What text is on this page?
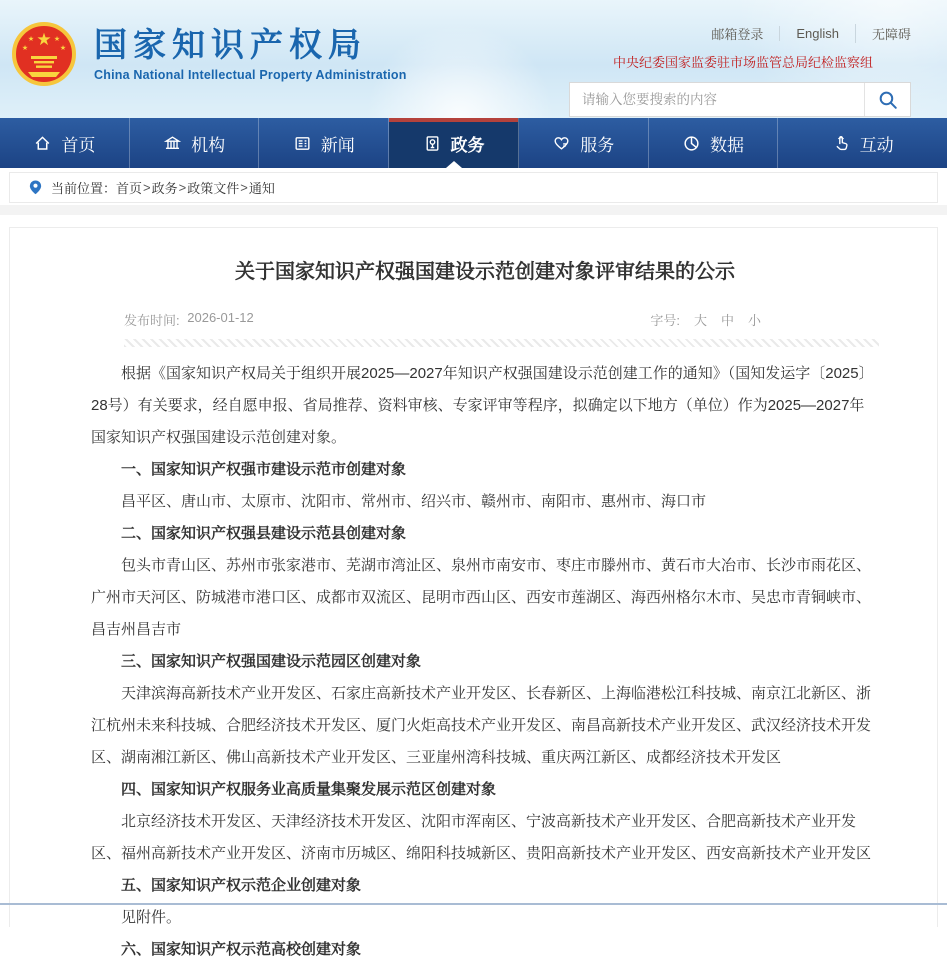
★
★	★
★	★ 国家知识产权局
China National Intellectual Property Administration
邮箱登录	English	无障碍
中央纪委国家监委驻市场监管总局纪检监察组
请输入您要搜索的内容
首页	机构	新闻	政务	服务	数据	互动
当前位置： 首页 > 政务 > 政策文件 > 通知
关于国家知识产权强国建设示范创建对象评审结果的公示
发布时间:
2026-01-12	字号: 大 中 小
根据《国家知识产权局关于组织开展2025—2027年知识产权强国建设示范创建工作的通知》（国知发运字〔2025〕28号）有关要求，经自愿申报、省局推荐、资料审核、专家评审等程序，拟确定以下地方（单位）作为2025—2027年国家知识产权强国建设示范创建对象。
一、国家知识产权强市建设示范市创建对象
昌平区、唐山市、太原市、沈阳市、常州市、绍兴市、赣州市、南阳市、惠州市、海口市
二、国家知识产权强县建设示范县创建对象
包头市青山区、苏州市张家港市、芜湖市湾沚区、泉州市南安市、枣庄市滕州市、黄石市大冶市、长沙市雨花区、广州市天河区、防城港市港口区、成都市双流区、昆明市西山区、西安市莲湖区、海西州格尔木市、吴忠市青铜峡市、昌吉州昌吉市
三、国家知识产权强国建设示范园区创建对象
天津滨海高新技术产业开发区、石家庄高新技术产业开发区、长春新区、上海临港松江科技城、南京江北新区、浙江杭州未来科技城、合肥经济技术开发区、厦门火炬高技术产业开发区、南昌高新技术产业开发区、武汉经济技术开发区、湖南湘江新区、佛山高新技术产业开发区、三亚崖州湾科技城、重庆两江新区、成都经济技术开发区
四、国家知识产权服务业高质量集聚发展示范区创建对象
北京经济技术开发区、天津经济技术开发区、沈阳市浑南区、宁波高新技术产业开发区、合肥高新技术产业开发区、福州高新技术产业开发区、济南市历城区、绵阳科技城新区、贵阳高新技术产业开发区、西安高新技术产业开发区
五、国家知识产权示范企业创建对象
见附件。
六、国家知识产权示范高校创建对象
